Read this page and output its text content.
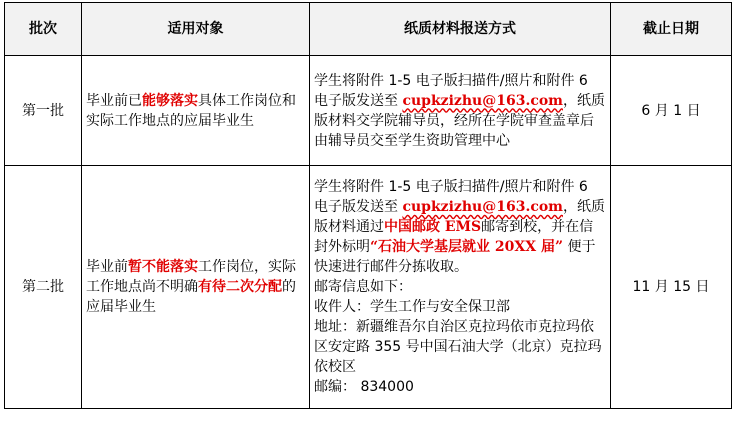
批次	适用对象	纸质材料报送方式	截止日期
第一批	毕业前已能够落实具体工作岗位和实际工作地点的应届毕业生	学生将附件 1-5 电子版扫描件/照片和附件 6 电子版发送至 cupkzizhu@163.com，纸质版材料交学院辅导员，经所在学院审查盖章后由辅导员交至学生资助管理中心	6 月 1 日
第二批	毕业前暂不能落实工作岗位，实际工作地点尚不明确有待二次分配的应届毕业生	学生将附件 1-5 电子版扫描件/照片和附件 6 电子版发送至 cupkzizhu@163.com，纸质版材料通过中国邮政 EMS邮寄到校，并在信封外标明“石油大学基层就业 20XX 届” 便于快速进行邮件分拣收取。
邮寄信息如下：
收件人：学生工作与安全保卫部
地址：新疆维吾尔自治区克拉玛依市克拉玛依区安定路 355 号中国石油大学（北京）克拉玛依校区
邮编： 834000	11 月 15 日
